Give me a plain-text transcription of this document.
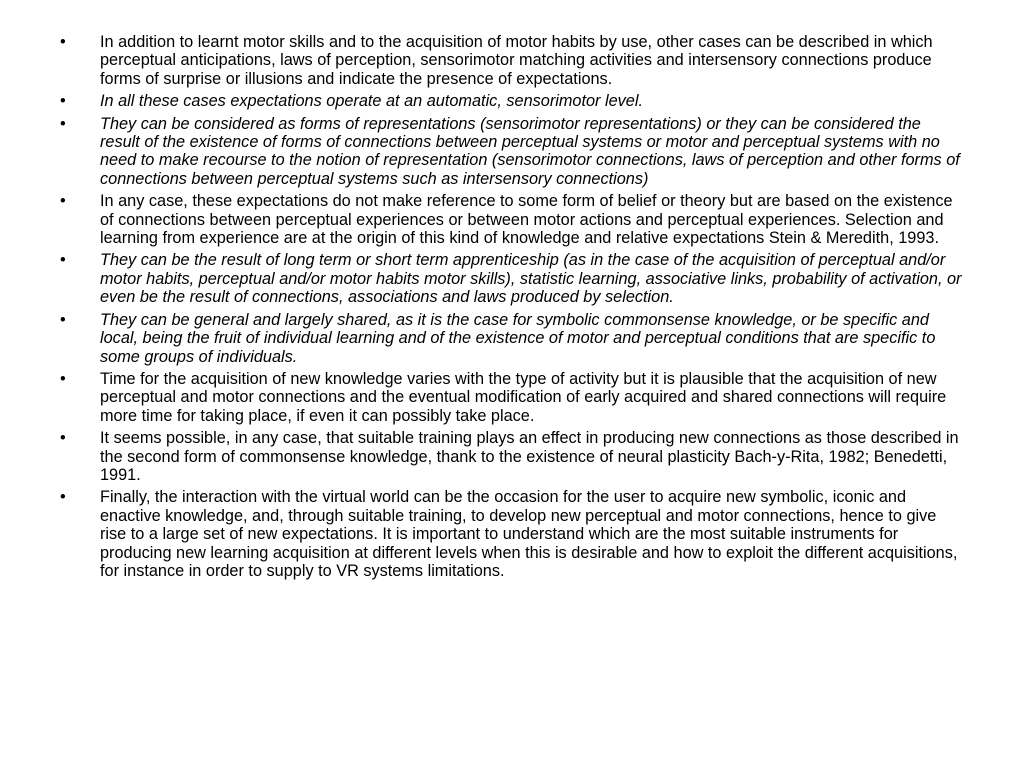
•	In addition to learnt motor skills and to the acquisition of motor habits by use, other cases can be described in which perceptual anticipations, laws of perception, sensorimotor matching activities and intersensory connections produce forms of surprise or illusions and indicate the presence of expectations.
•	In all these cases expectations operate at an automatic, sensorimotor level.
•	They can be considered as forms of representations (sensorimotor representations) or they can be considered the result of the existence of forms of connections between perceptual systems or motor and perceptual systems with no need to make recourse to the notion of representation (sensorimotor connections, laws of perception and other forms of connections between perceptual systems such as intersensory connections)
•	In any case, these expectations do not make reference to some form of belief or theory but are based on the existence of connections between perceptual experiences or between motor actions and perceptual experiences. Selection and learning from experience are at the origin of this kind of knowledge and relative expectations Stein & Meredith, 1993.
•	They can be the result of long term or short term apprenticeship (as in the case of the acquisition of perceptual and/or motor habits, perceptual and/or motor habits motor skills), statistic learning, associative links, probability of activation, or even be the result of connections, associations and laws produced by selection.
•	They can be general and largely shared, as it is the case for symbolic commonsense knowledge, or be specific and local, being the fruit of individual learning and of the existence of motor and perceptual conditions that are specific to some groups of individuals.
•	Time for the acquisition of new knowledge varies with the type of activity but it is plausible that the acquisition of new perceptual and motor connections and the eventual modification of early acquired and shared connections will require more time for taking place, if even it can possibly take place.
•	It seems possible, in any case, that suitable training plays an effect in producing new connections as those described in the second form of commonsense knowledge, thank to the existence of neural plasticity Bach-y-Rita, 1982; Benedetti, 1991.
•	Finally, the interaction with the virtual world can be the occasion for the user to acquire new symbolic, iconic and enactive knowledge, and, through suitable training, to develop new perceptual and motor connections, hence to give rise to a large set of new expectations. It is important to understand which are the most suitable instruments for producing new learning acquisition at different levels when this is desirable and how to exploit the different acquisitions, for instance in order to supply to VR systems limitations.
